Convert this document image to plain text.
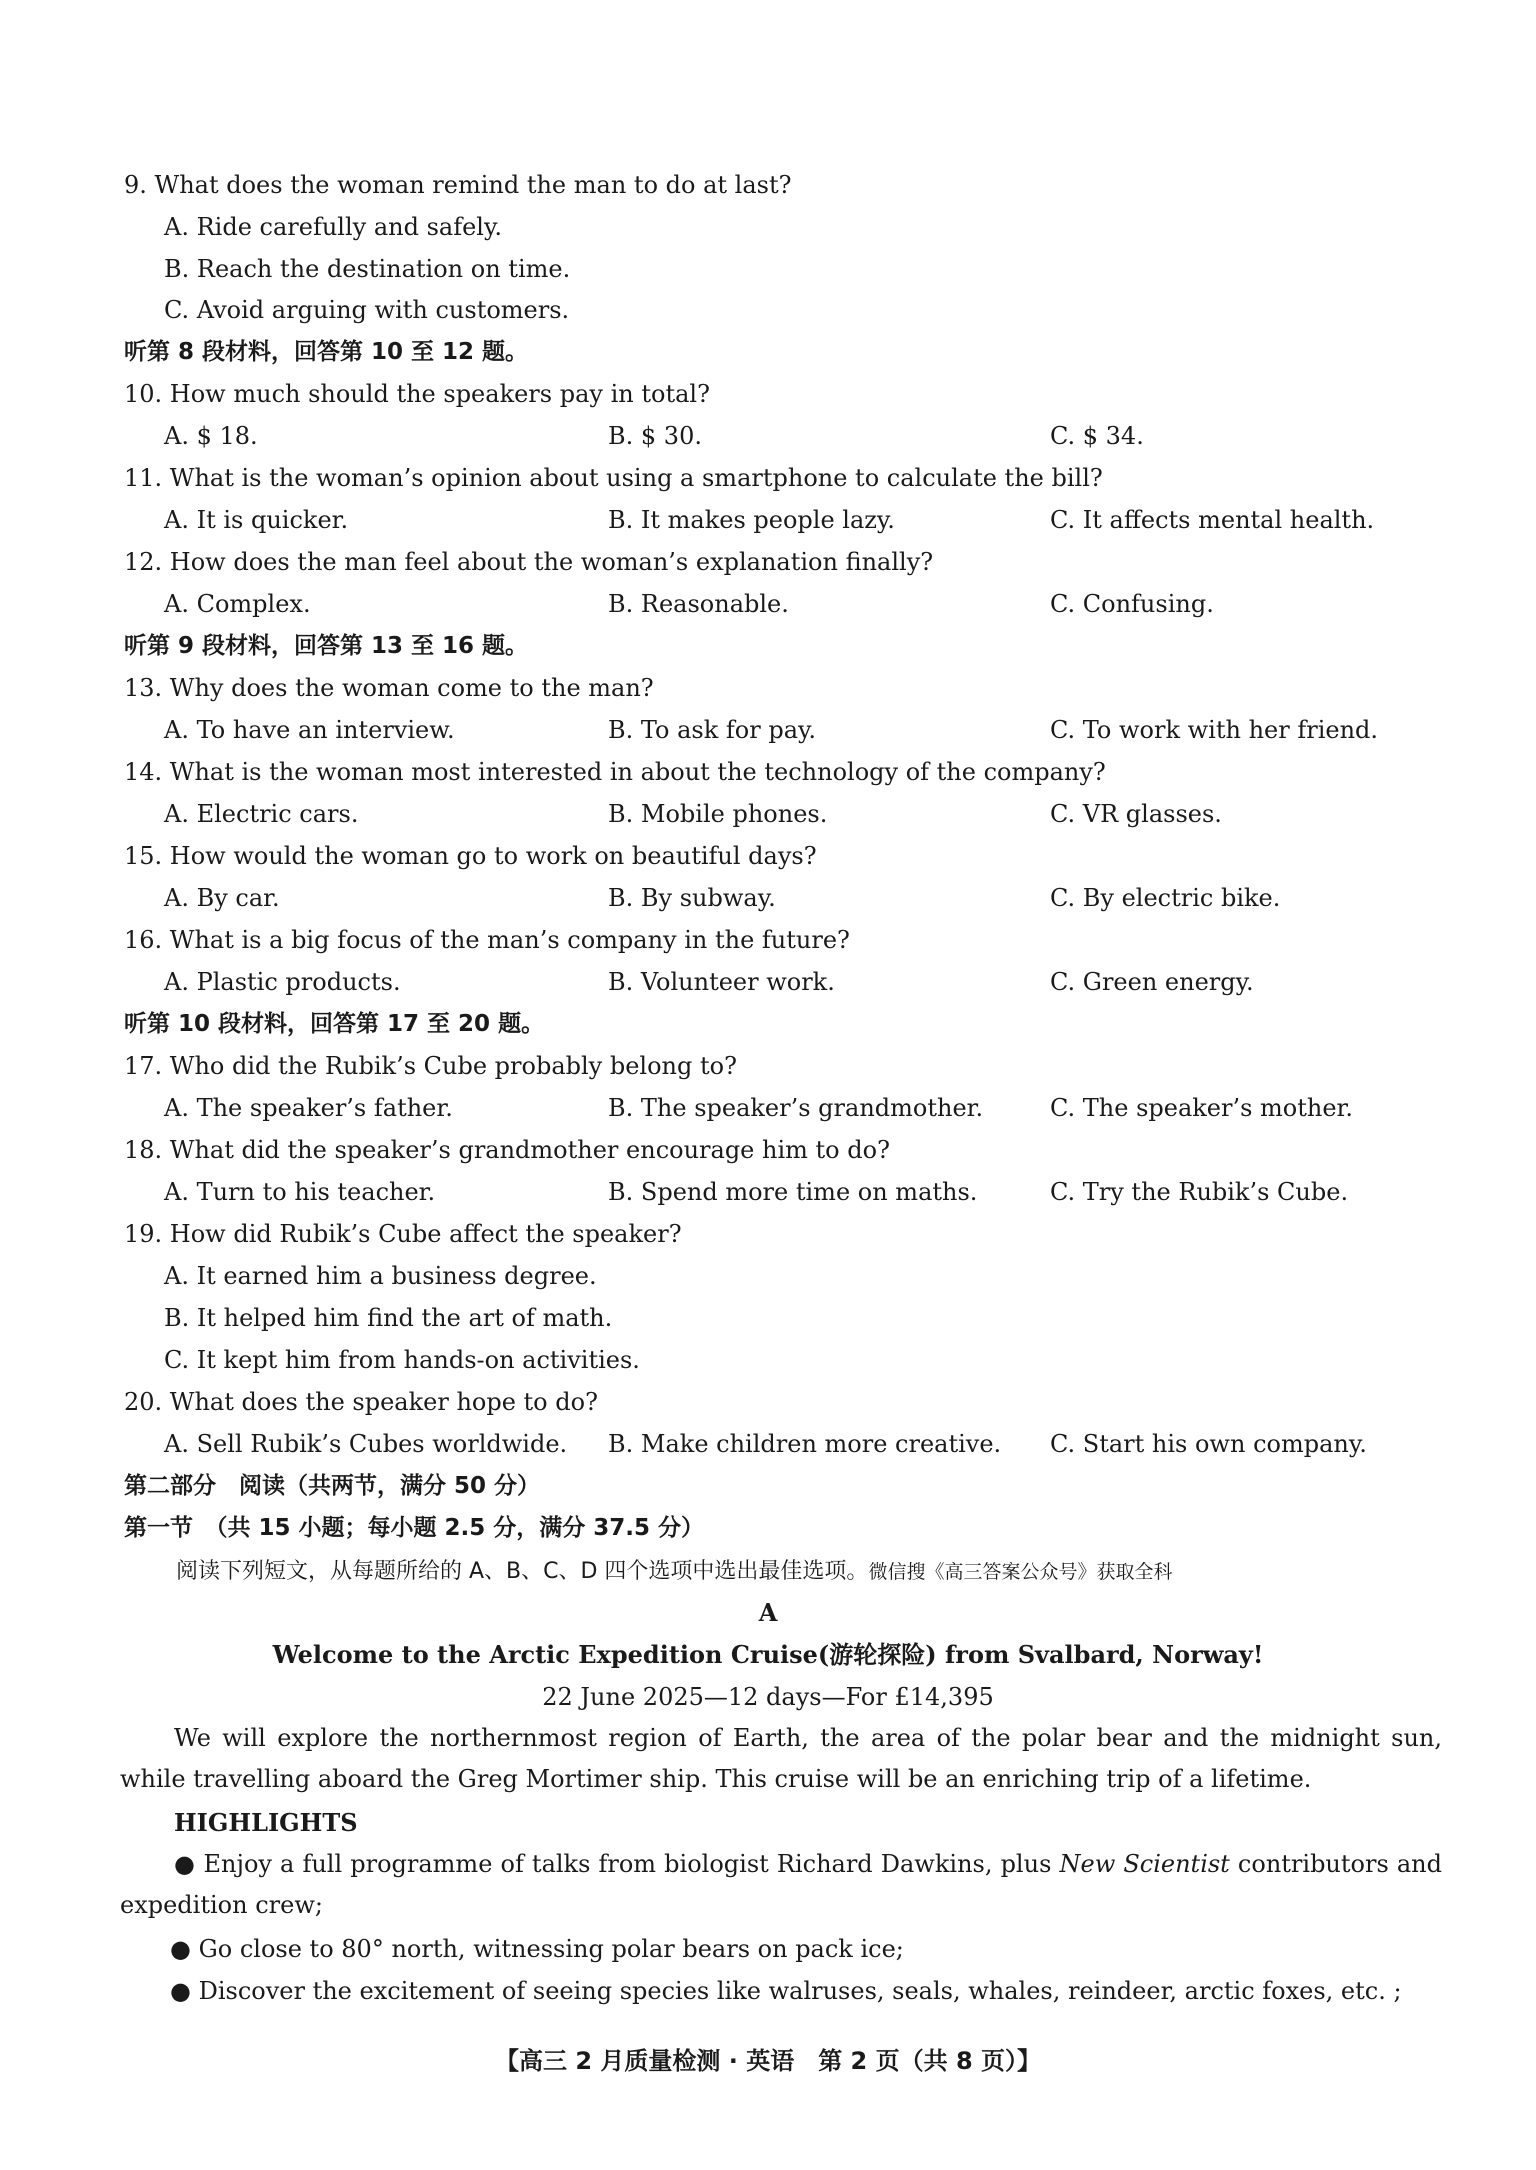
9. What does the woman remind the man to do at last?
A. Ride carefully and safely.
B. Reach the destination on time.
C. Avoid arguing with customers.
听第 8 段材料，回答第 10 至 12 题。
10. How much should the speakers pay in total?
A. $ 18.	B. $ 30.	C. $ 34.
11. What is the woman’s opinion about using a smartphone to calculate the bill?
A. It is quicker.	B. It makes people lazy.	C. It affects mental health.
12. How does the man feel about the woman’s explanation finally?
A. Complex.	B. Reasonable.	C. Confusing.
听第 9 段材料，回答第 13 至 16 题。
13. Why does the woman come to the man?
A. To have an interview.	B. To ask for pay.	C. To work with her friend.
14. What is the woman most interested in about the technology of the company?
A. Electric cars.	B. Mobile phones.	C. VR glasses.
15. How would the woman go to work on beautiful days?
A. By car.	B. By subway.	C. By electric bike.
16. What is a big focus of the man’s company in the future?
A. Plastic products.	B. Volunteer work.	C. Green energy.
听第 10 段材料，回答第 17 至 20 题。
17. Who did the Rubik’s Cube probably belong to?
A. The speaker’s father.	B. The speaker’s grandmother.	C. The speaker’s mother.
18. What did the speaker’s grandmother encourage him to do?
A. Turn to his teacher.	B. Spend more time on maths.	C. Try the Rubik’s Cube.
19. How did Rubik’s Cube affect the speaker?
A. It earned him a business degree.
B. It helped him find the art of math.
C. It kept him from hands-on activities.
20. What does the speaker hope to do?
A. Sell Rubik’s Cubes worldwide. B. Make children more creative. C. Start his own company.
第二部分　阅读（共两节，满分 50 分）
第一节　（共 15 小题；每小题 2.5 分，满分 37.5 分）
阅读下列短文，从每题所给的 A、B、C、D 四个选项中选出最佳选项。微信搜《高三答案公众号》获取全科
A
Welcome to the Arctic Expedition Cruise(游轮探险) from Svalbard, Norway!
22 June 2025—12 days—For £14,395
We will explore the northernmost region of Earth, the area of the polar bear and the midnight sun, while travelling aboard the Greg Mortimer ship. This cruise will be an enriching trip of a lifetime.
HIGHLIGHTS
● Enjoy a full programme of talks from biologist Richard Dawkins, plus New Scientist contributors and expedition crew;
● Go close to 80° north, witnessing polar bears on pack ice;
● Discover the excitement of seeing species like walruses, seals, whales, reindeer, arctic foxes, etc. ;
【高三 2 月质量检测 · 英语　第 2 页（共 8 页）】
